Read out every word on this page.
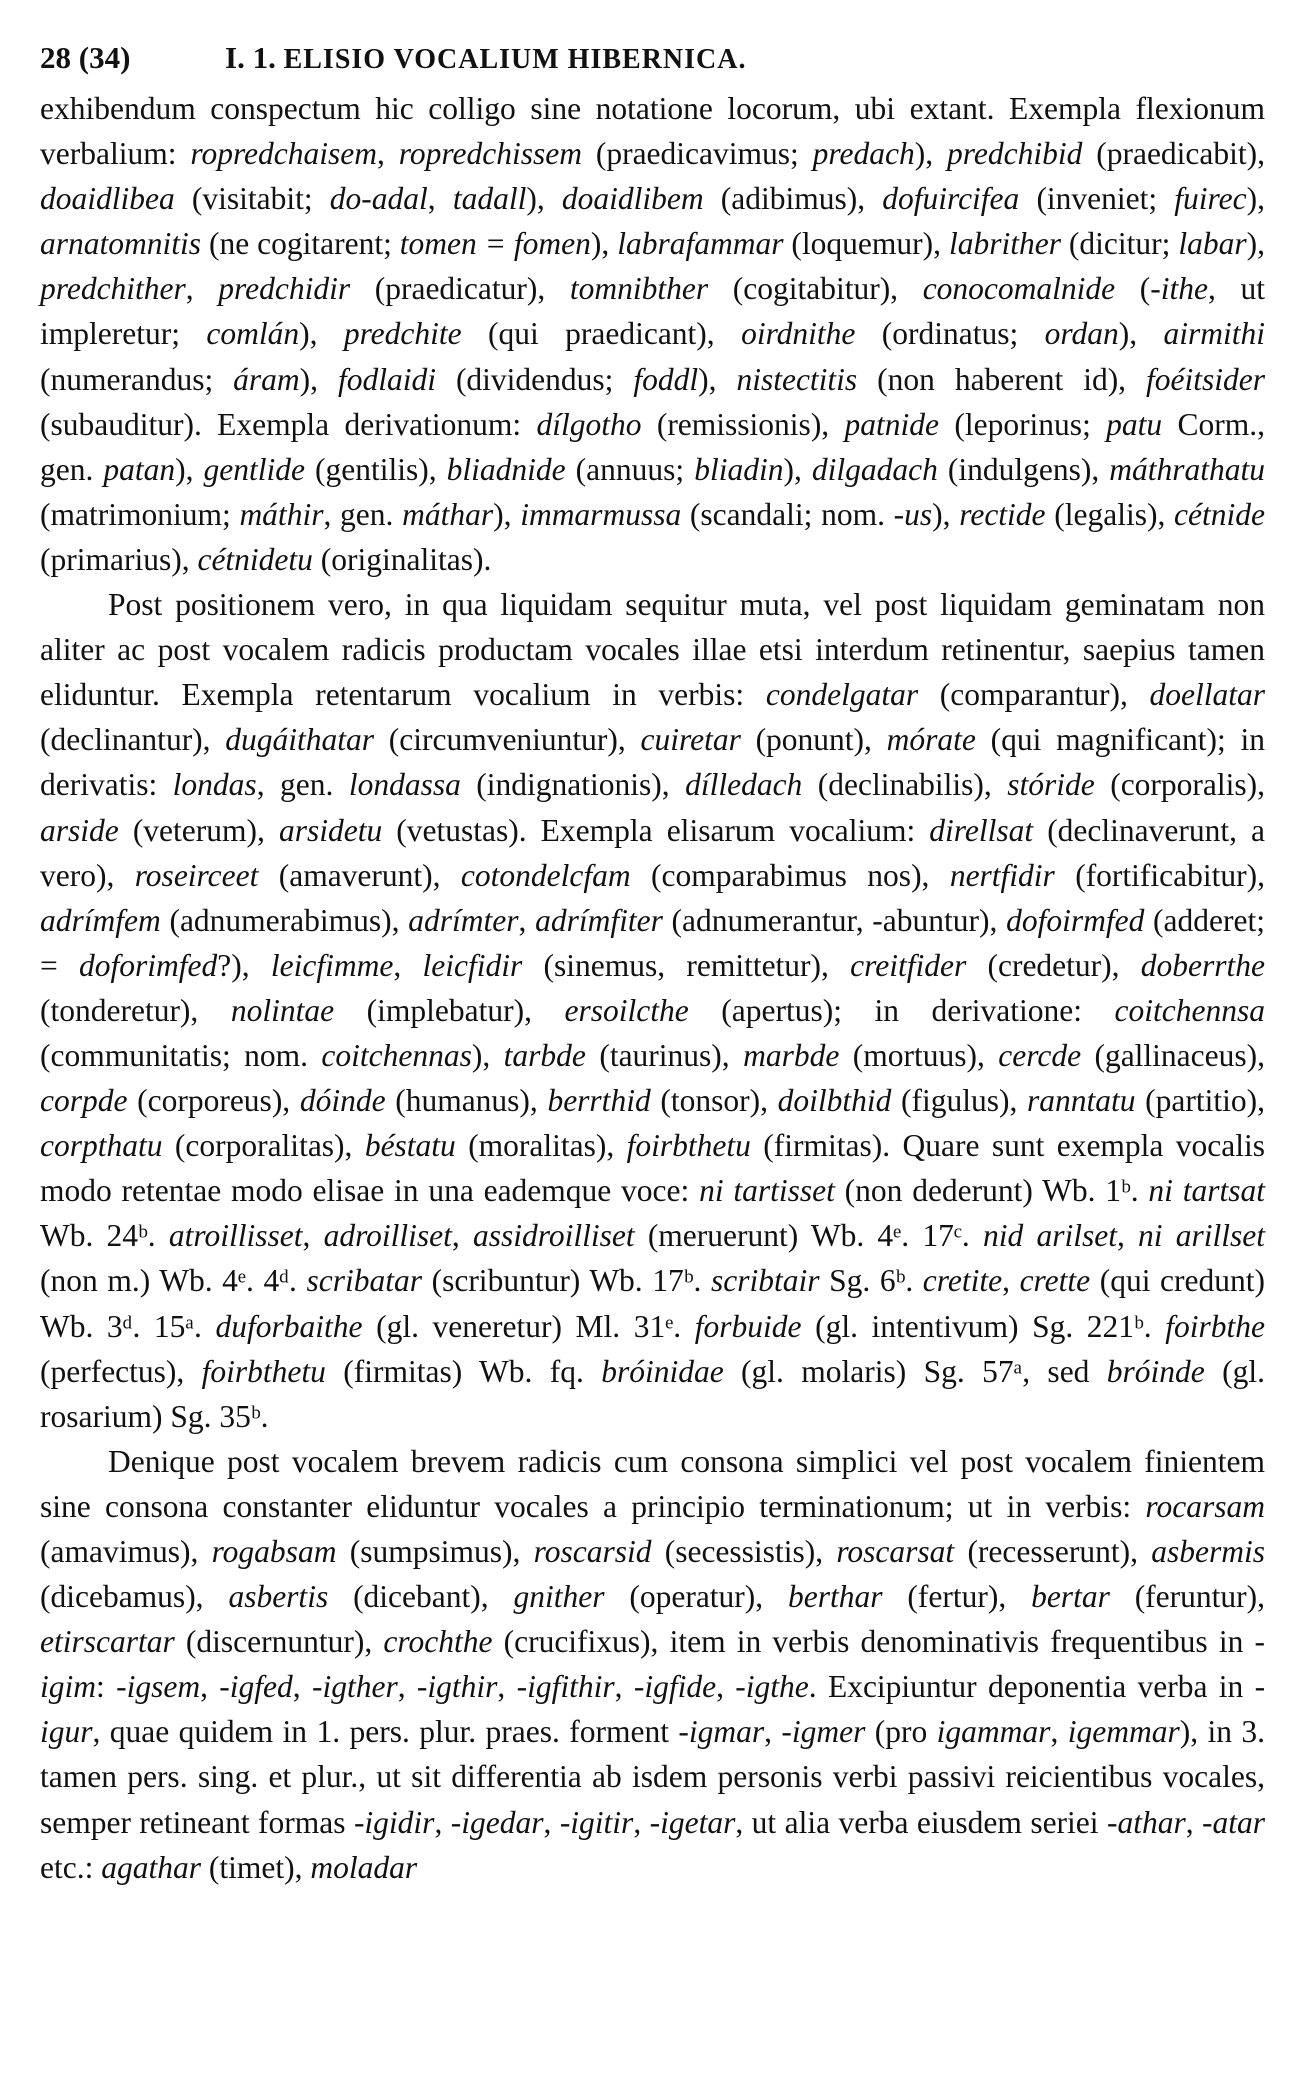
28 (34)	I. 1. ELISIO VOCALIUM HIBERNICA.

exhibendum conspectum hic colligo sine notatione locorum, ubi extant. Exempla flexionum verbalium: ropredchaisem, ropredchissem (praedicavimus; predach), predchibid (praedicabit), doaidlibea (visitabit; do-adal, tadall), doaidlibem (adibimus), dofuircifea (inveniet; fuirec), arnatomnitis (ne cogitarent; tomen = fomen), labrafammar (loquemur), labrither (dicitur; labar), predchither, predchidir (praedicatur), tomnibther (cogitabitur), conocomalnide (-ithe, ut impleretur; comlán), predchite (qui praedicant), oirdnithe (ordinatus; ordan), airmithi (numerandus; áram), fodlaidi (dividendus; foddl), nistectitis (non haberent id), foéitsider (subauditur). Exempla derivationum: dílgotho (remissionis), patnide (leporinus; patu Corm., gen. patan), gentlide (gentilis), bliadnide (annuus; bliadin), dilgadach (indulgens), máthrathatu (matrimonium; máthir, gen. máthar), immarmussa (scandali; nom. -us), rectide (legalis), cétnide (primarius), cétnidetu (originalitas).

Post positionem vero, in qua liquidam sequitur muta, vel post liquidam geminatam non aliter ac post vocalem radicis productam vocales illae etsi interdum retinentur, saepius tamen eliduntur. Exempla retentarum vocalium in verbis: condelgatar (comparantur), doellatar (declinantur), dugáithatar (circumveniuntur), cuiretar (ponunt), mórate (qui magnificant); in derivatis: londas, gen. londassa (indignationis), dílledach (declinabilis), stóride (corporalis), arside (veterum), arsidetu (vetustas). Exempla elisarum vocalium: direllsat (declinaverunt, a vero), roseirceet (amaverunt), cotondelcfam (comparabimus nos), nertfidir (fortificabitur), adrímfem (adnumerabimus), adrímter, adrímfiter (adnumerantur, -abuntur), dofoirmfed (adderet; = doforimfed?), leicfimme, leicfidir (sinemus, remittetur), creitfider (credetur), doberrthe (tonderetur), nolintae (implebatur), ersoilcthe (apertus); in derivatione: coitchennsa (communitatis; nom. coitchennas), tarbde (taurinus), marbde (mortuus), cercde (gallinaceus), corpde (corporeus), dóinde (humanus), berrthid (tonsor), doilbthid (figulus), ranntatu (partitio), corpthatu (corporalitas), béstatu (moralitas), foirbthetu (firmitas). Quare sunt exempla vocalis modo retentae modo elisae in una eademque voce: ni tartisset (non dederunt) Wb. 1ᵇ. ni tartsat Wb. 24ᵇ. atroillisset, adroilliset, assidroilliset (meruerunt) Wb. 4ᵉ. 17ᶜ. nid arilset, ni arillset (non m.) Wb. 4ᵉ. 4ᵈ. scribatar (scribuntur) Wb. 17ᵇ. scribtair Sg. 6ᵇ. cretite, crette (qui credunt) Wb. 3ᵈ. 15ᵃ. duforbaithe (gl. veneretur) Ml. 31ᵉ. forbuide (gl. intentivum) Sg. 221ᵇ. foirbthe (perfectus), foirbthetu (firmitas) Wb. fq. bróinidae (gl. molaris) Sg. 57ᵃ, sed bróinde (gl. rosarium) Sg. 35ᵇ.

Denique post vocalem brevem radicis cum consona simplici vel post vocalem finientem sine consona constanter eliduntur vocales a principio terminationum; ut in verbis: rocarsam (amavimus), rogabsam (sumpsimus), roscarsid (secessistis), roscarsat (recesserunt), asbermis (dicebamus), asbertis (dicebant), gnither (operatur), berthar (fertur), bertar (feruntur), etirscartar (discernuntur), crochthe (crucifixus), item in verbis denominativis frequentibus in -igim: -igsem, -igfed, -igther, -igthir, -igfithir, -igfide, -igthe. Excipiuntur deponentia verba in -igur, quae quidem in 1. pers. plur. praes. forment -igmar, -igmer (pro igammar, igemmar), in 3. tamen pers. sing. et plur., ut sit differentia ab isdem personis verbi passivi reicientibus vocales, semper retineant formas -igidir, -igedar, -igitir, -igetar, ut alia verba eiusdem seriei -athar, -atar etc.: agathar (timet), moladar
